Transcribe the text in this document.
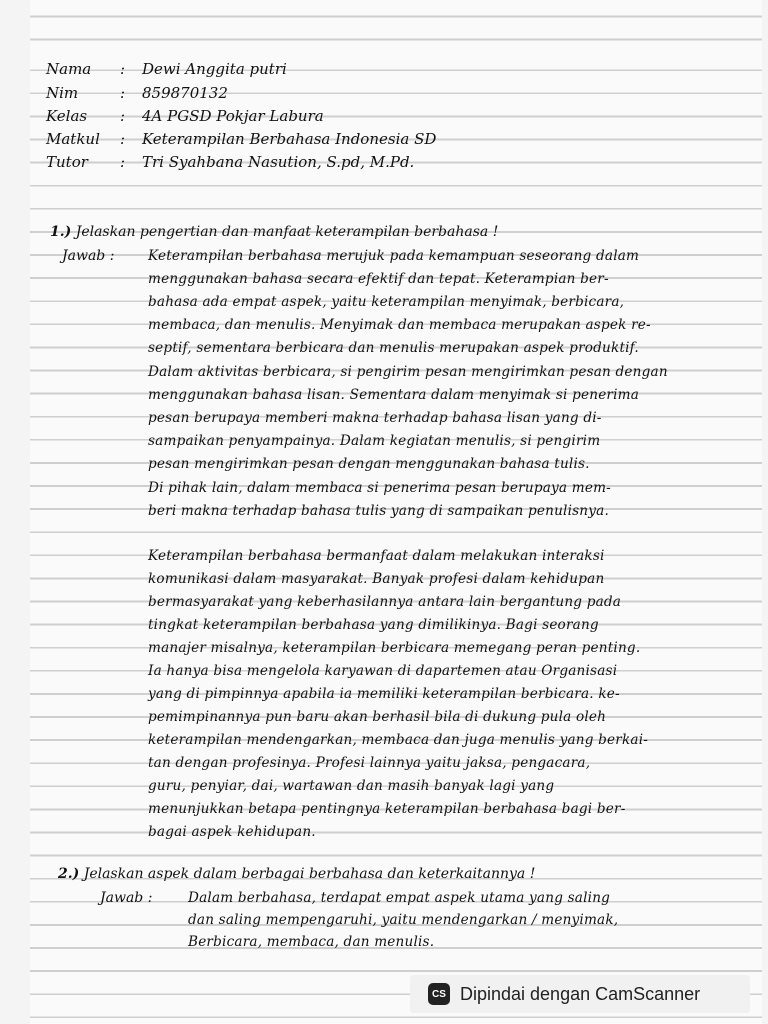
Nama	: Dewi Anggita putri
Nim	: 859870132
Kelas	: 4A PGSD Pokjar Labura
Matkul	: Keterampilan Berbahasa Indonesia SD
Tutor	: Tri Syahbana Nasution, S.pd, M.Pd.
1.) Jelaskan pengertian dan manfaat keterampilan berbahasa !
Jawab : Keterampilan berbahasa merujuk pada kemampuan seseorang dalam
menggunakan bahasa secara efektif dan tepat. Keterampian ber-
bahasa ada empat aspek, yaitu keterampilan menyimak, berbicara,
membaca, dan menulis. Menyimak dan membaca merupakan aspek re-
septif, sementara berbicara dan menulis merupakan aspek produktif.
Dalam aktivitas berbicara, si pengirim pesan mengirimkan pesan dengan
menggunakan bahasa lisan. Sementara dalam menyimak si penerima
pesan berupaya memberi makna terhadap bahasa lisan yang di-
sampaikan penyampainya. Dalam kegiatan menulis, si pengirim
pesan mengirimkan pesan dengan menggunakan bahasa tulis.
Di pihak lain, dalam membaca si penerima pesan berupaya mem-
beri makna terhadap bahasa tulis yang di sampaikan penulisnya.
Keterampilan berbahasa bermanfaat dalam melakukan interaksi
komunikasi dalam masyarakat. Banyak profesi dalam kehidupan
bermasyarakat yang keberhasilannya antara lain bergantung pada
tingkat keterampilan berbahasa yang dimilikinya. Bagi seorang
manajer misalnya, keterampilan berbicara memegang peran penting.
Ia hanya bisa mengelola karyawan di dapartemen atau Organisasi
yang di pimpinnya apabila ia memiliki keterampilan berbicara. ke-
pemimpinannya pun baru akan berhasil bila di dukung pula oleh
keterampilan mendengarkan, membaca dan juga menulis yang berkai-
tan dengan profesinya. Profesi lainnya yaitu jaksa, pengacara,
guru, penyiar, dai, wartawan dan masih banyak lagi yang
menunjukkan betapa pentingnya keterampilan berbahasa bagi ber-
bagai aspek kehidupan.
2.) Jelaskan aspek dalam berbagai berbahasa dan keterkaitannya !
Jawab :	Dalam berbahasa, terdapat empat aspek utama yang saling
dan saling mempengaruhi, yaitu mendengarkan / menyimak,
Berbicara, membaca, dan menulis.
CS Dipindai dengan CamScanner
